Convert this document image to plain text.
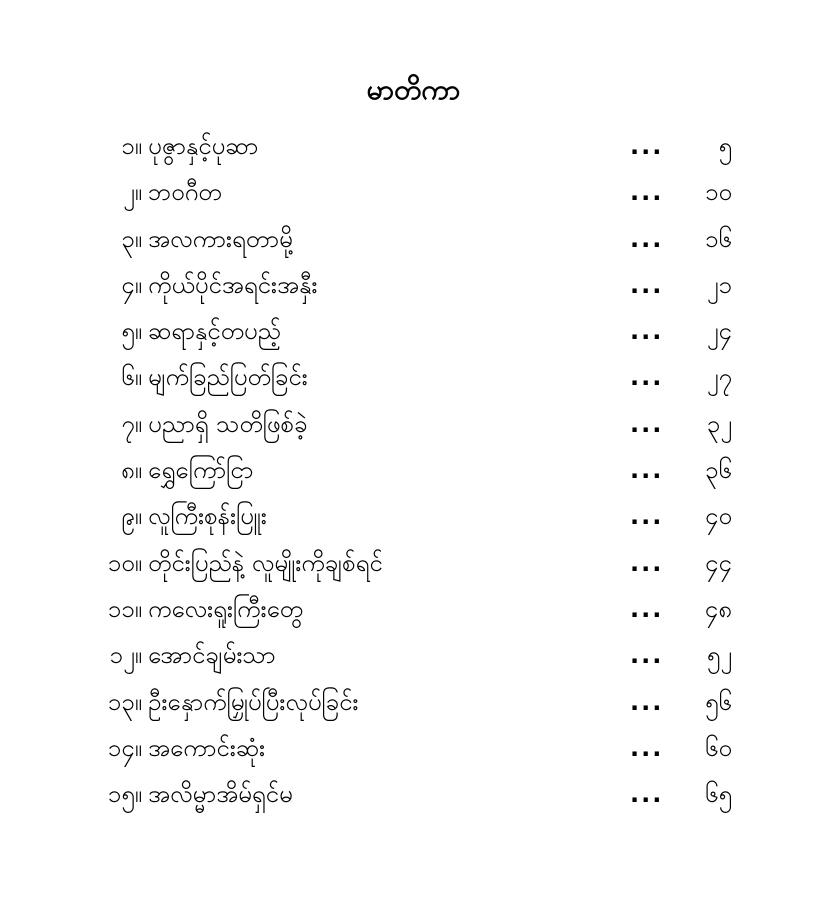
မာတိကာ
၁။ ပုဇွာနှင့်ပုဆာ	... ၅
၂။ ဘဝဂီတ	... ၁၀
၃။ အလကားရတာမို့	... ၁၆
၄။ ကိုယ်ပိုင်အရင်းအနှီး	... ၂၁
၅။ ဆရာနှင့်တပည့်	... ၂၄
၆။ မျက်ခြည်ပြတ်ခြင်း	... ၂၇
၇။ ပညာရှိ သတိဖြစ်ခဲ့	... ၃၂
၈။ ရွှေကြော်ငြာ	... ၃၆
၉။ လူကြီးစုန်းပြူး	... ၄၀
၁၀။ တိုင်းပြည်နဲ့ လူမျိုးကိုချစ်ရင်	... ၄၄
၁၁။ ကလေးရူးကြီးတွေ	... ၄၈
၁၂။ အောင်ချမ်းသာ	... ၅၂
၁၃။ ဦးနှောက်မြှုပ်ပြီးလုပ်ခြင်း	... ၅၆
၁၄။ အကောင်းဆုံး	... ၆၀
၁၅။ အလိမ္မာအိမ်ရှင်မ	... ၆၅
